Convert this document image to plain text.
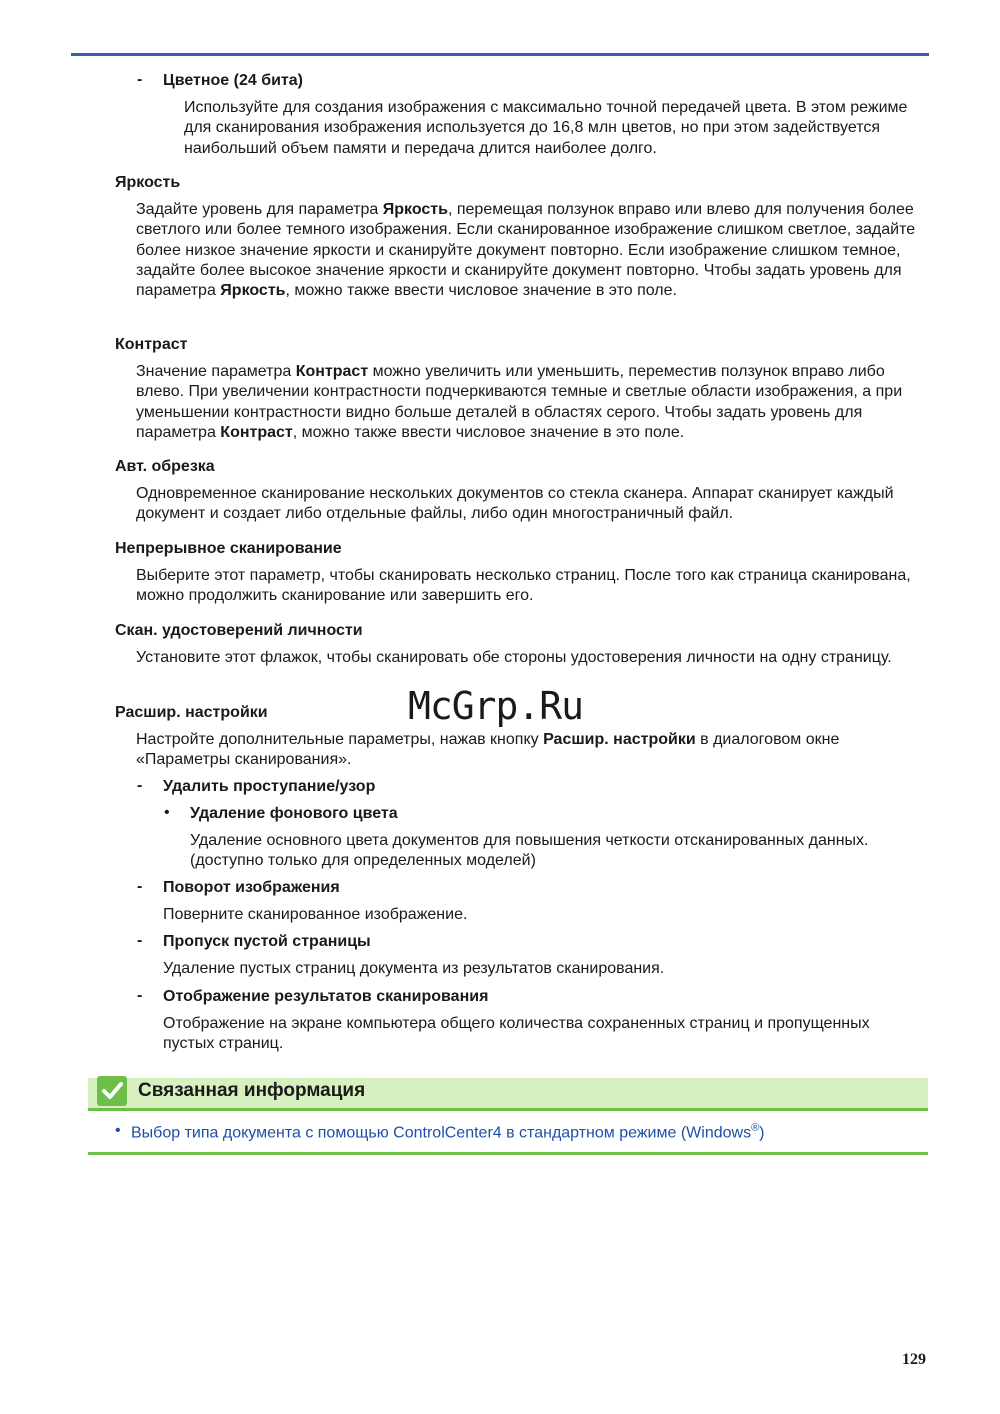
- Цветное (24 бита)
Используйте для создания изображения с максимально точной передачей цвета. В этом режиме для сканирования изображения используется до 16,8 млн цветов, но при этом задействуется наибольший объем памяти и передача длится наиболее долго.
Яркость
Задайте уровень для параметра Яркость, перемещая ползунок вправо или влево для получения более светлого или более темного изображения. Если сканированное изображение слишком светлое, задайте более низкое значение яркости и сканируйте документ повторно. Если изображение слишком темное, задайте более высокое значение яркости и сканируйте документ повторно. Чтобы задать уровень для параметра Яркость, можно также ввести числовое значение в это поле.
Контраст
Значение параметра Контраст можно увеличить или уменьшить, переместив ползунок вправо либо влево. При увеличении контрастности подчеркиваются темные и светлые области изображения, а при уменьшении контрастности видно больше деталей в областях серого. Чтобы задать уровень для параметра Контраст, можно также ввести числовое значение в это поле.
Авт. обрезка
Одновременное сканирование нескольких документов со стекла сканера. Аппарат сканирует каждый документ и создает либо отдельные файлы, либо один многостраничный файл.
Непрерывное сканирование
Выберите этот параметр, чтобы сканировать несколько страниц. После того как страница сканирована, можно продолжить сканирование или завершить его.
Скан. удостоверений личности
Установите этот флажок, чтобы сканировать обе стороны удостоверения личности на одну страницу.
McGrp.Ru
Расшир. настройки
Настройте дополнительные параметры, нажав кнопку Расшир. настройки в диалоговом окне «Параметры сканирования».
- Удалить проступание/узор
• Удаление фонового цвета
Удаление основного цвета документов для повышения четкости отсканированных данных. (доступно только для определенных моделей)
- Поворот изображения
Поверните сканированное изображение.
- Пропуск пустой страницы
Удаление пустых страниц документа из результатов сканирования.
- Отображение результатов сканирования
Отображение на экране компьютера общего количества сохраненных страниц и пропущенных пустых страниц.
Связанная информация
• Выбор типа документа с помощью ControlCenter4 в стандартном режиме (Windows®)
129
